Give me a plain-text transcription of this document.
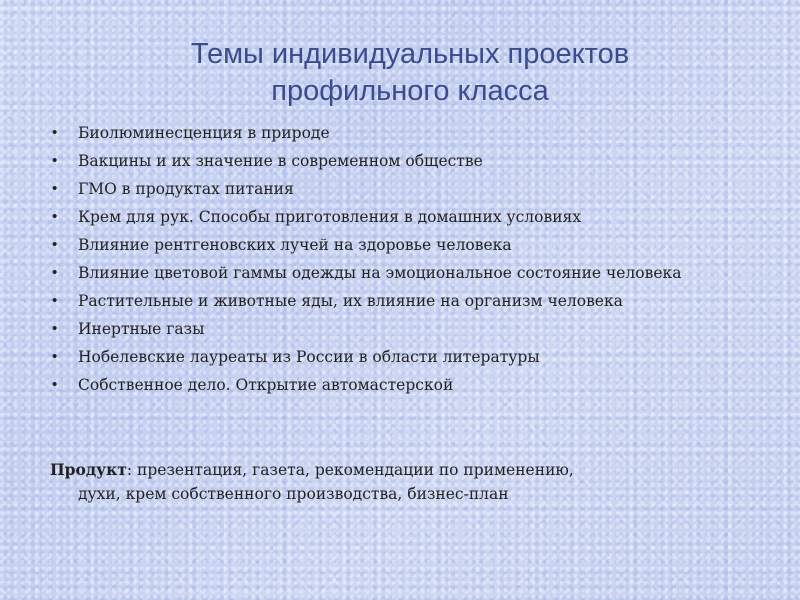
Темы индивидуальных проектов
профильного класса
• Биолюминесценция в природе
• Вакцины и их значение в современном обществе
• ГМО в продуктах питания
• Крем для рук. Способы приготовления в домашних условиях
• Влияние рентгеновских лучей на здоровье человека
• Влияние цветовой гаммы одежды на эмоциональное состояние человека
• Растительные и животные яды, их влияние на организм человека
• Инертные газы
• Нобелевские лауреаты из России в области литературы
• Собственное дело. Открытие автомастерской
Продукт: презентация, газета, рекомендации по применению,
духи, крем собственного производства, бизнес-план
